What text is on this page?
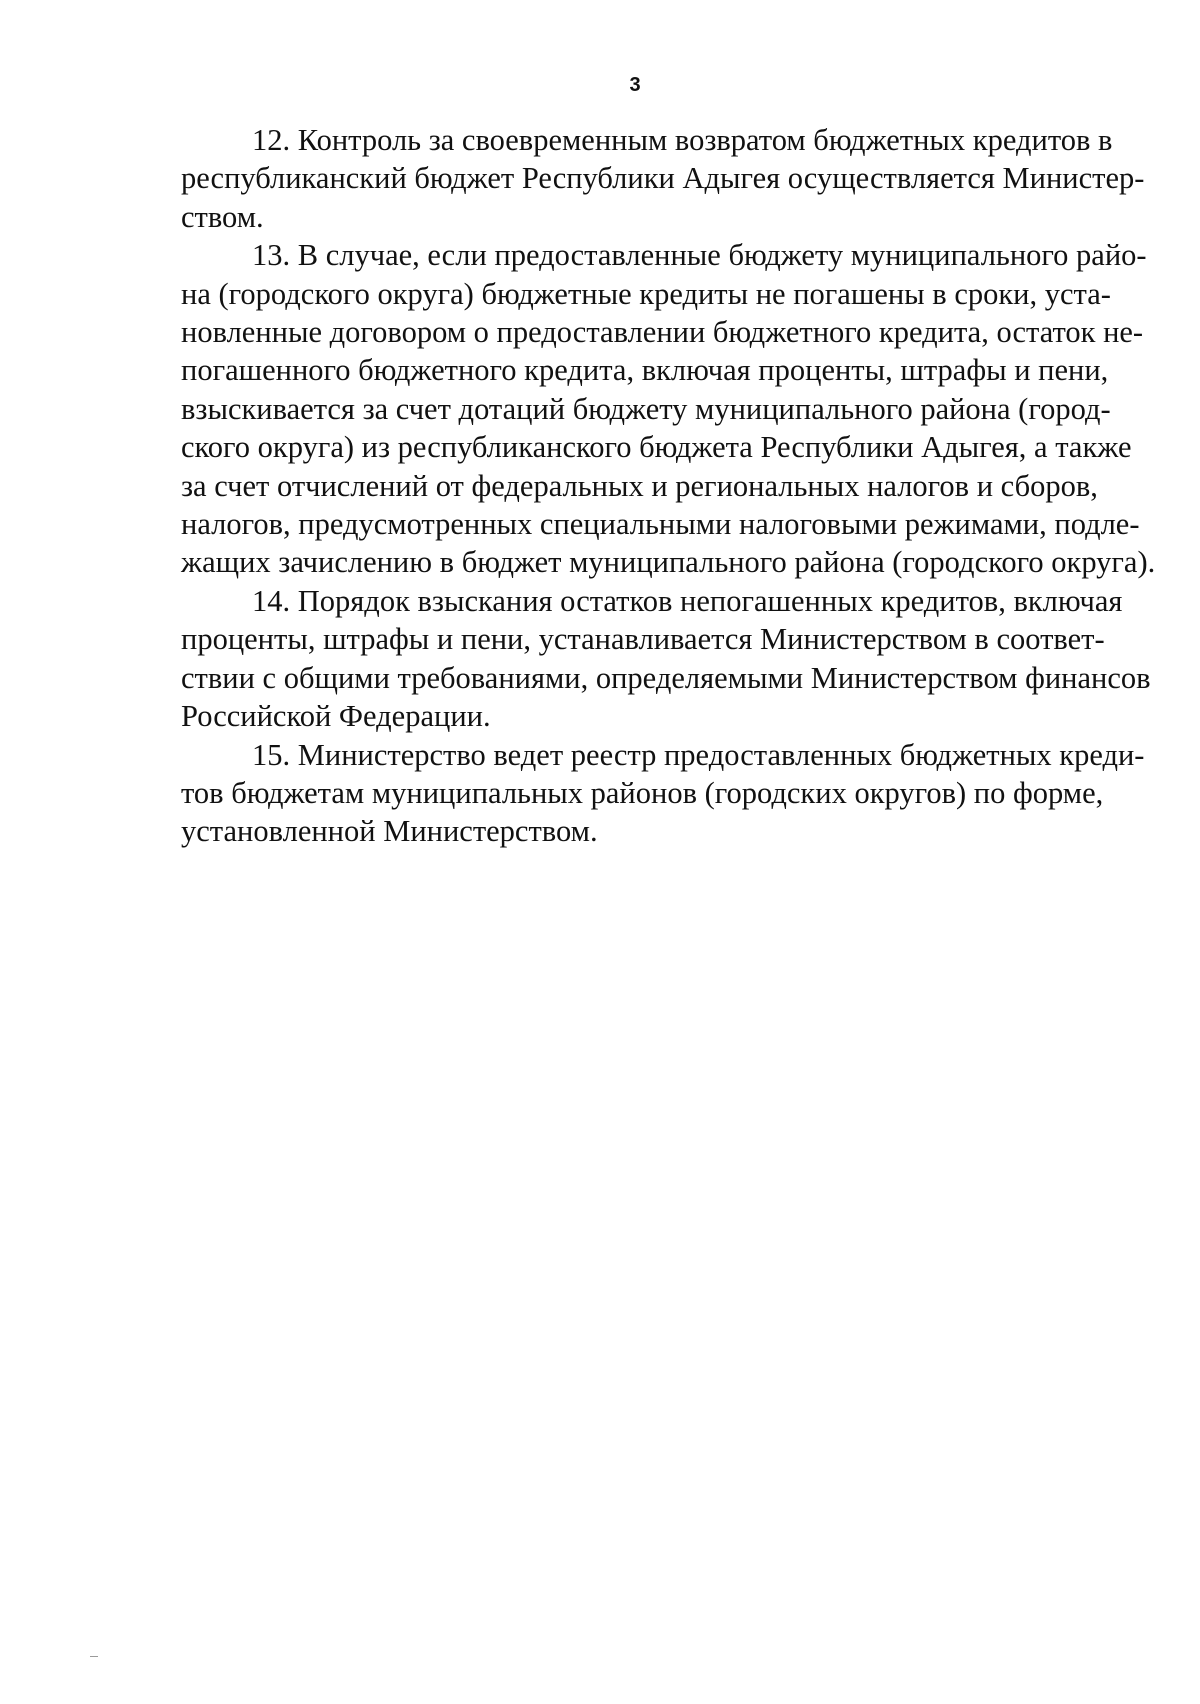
3

12. Контроль за своевременным возвратом бюджетных кредитов в
республиканский бюджет Республики Адыгея осуществляется Министер-
ством.

13. В случае, если предоставленные бюджету муниципального райо-
на (городского округа) бюджетные кредиты не погашены в сроки, уста-
новленные договором о предоставлении бюджетного кредита, остаток не-
погашенного бюджетного кредита, включая проценты, штрафы и пени,
взыскивается за счет дотаций бюджету муниципального района (город-
ского округа) из республиканского бюджета Республики Адыгея, а также
за счет отчислений от федеральных и региональных налогов и сборов,
налогов, предусмотренных специальными налоговыми режимами, подле-
жащих зачислению в бюджет муниципального района (городского округа).

14. Порядок взыскания остатков непогашенных кредитов, включая
проценты, штрафы и пени, устанавливается Министерством в соответ-
ствии с общими требованиями, определяемыми Министерством финансов
Российской Федерации.

15. Министерство ведет реестр предоставленных бюджетных креди-
тов бюджетам муниципальных районов (городских округов) по форме,
установленной Министерством.
